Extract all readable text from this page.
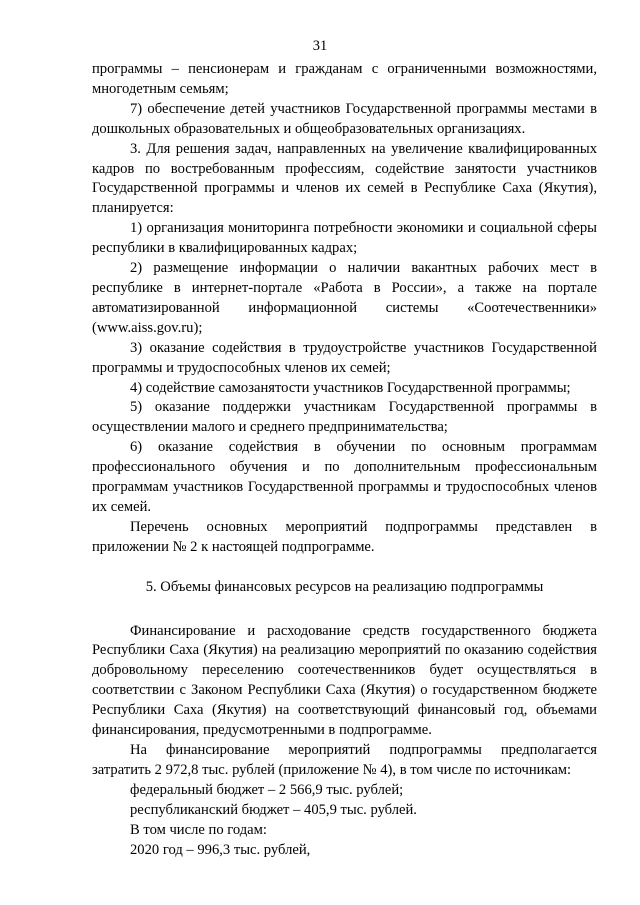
31

программы – пенсионерам и гражданам с ограниченными возможностями, многодетным семьям;

7) обеспечение детей участников Государственной программы местами в дошкольных образовательных и общеобразовательных организациях.

3. Для решения задач, направленных на увеличение квалифицированных кадров по востребованным профессиям, содействие занятости участников Государственной программы и членов их семей в Республике Саха (Якутия), планируется:

1) организация мониторинга потребности экономики и социальной сферы республики в квалифицированных кадрах;

2) размещение информации о наличии вакантных рабочих мест в республике в интернет-портале «Работа в России», а также на портале автоматизированной информационной системы «Соотечественники» (www.aiss.gov.ru);

3) оказание содействия в трудоустройстве участников Государственной программы и трудоспособных членов их семей;

4) содействие самозанятости участников Государственной программы;

5) оказание поддержки участникам Государственной программы в осуществлении малого и среднего предпринимательства;

6) оказание содействия в обучении по основным программам профессионального обучения и по дополнительным профессиональным программам участников Государственной программы и трудоспособных членов их семей.

Перечень основных мероприятий подпрограммы представлен в приложении № 2 к настоящей подпрограмме.

5. Объемы финансовых ресурсов на реализацию подпрограммы

Финансирование и расходование средств государственного бюджета Республики Саха (Якутия) на реализацию мероприятий по оказанию содействия добровольному переселению соотечественников будет осуществляться в соответствии с Законом Республики Саха (Якутия) о государственном бюджете Республики Саха (Якутия) на соответствующий финансовый год, объемами финансирования, предусмотренными в подпрограмме.

На финансирование мероприятий подпрограммы предполагается затратить 2 972,8 тыс. рублей (приложение № 4), в том числе по источникам:

федеральный бюджет – 2 566,9 тыс. рублей;

республиканский бюджет – 405,9 тыс. рублей.

В том числе по годам:

2020 год – 996,3 тыс. рублей,
